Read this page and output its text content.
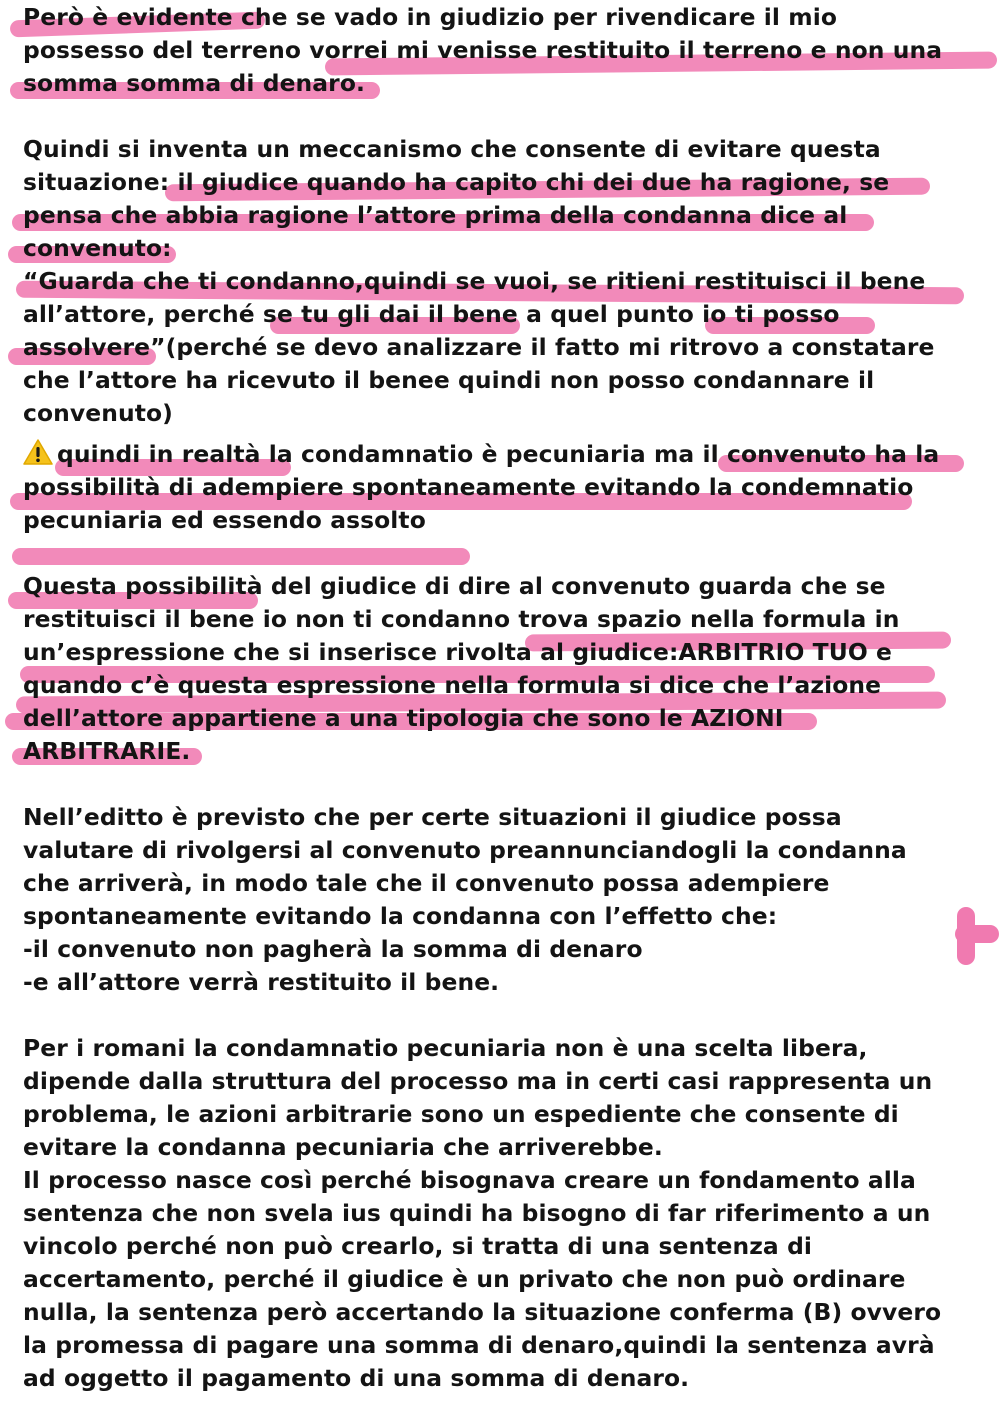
Però è evidente che se vado in giudizio per rivendicare il mio
possesso del terreno vorrei mi venisse restituito il terreno e non una
somma somma di denaro.
Quindi si inventa un meccanismo che consente di evitare questa
situazione: il giudice quando ha capito chi dei due ha ragione, se
pensa che abbia ragione l’attore prima della condanna dice al
convenuto:
“Guarda che ti condanno,quindi se vuoi, se ritieni restituisci il bene
all’attore, perché se tu gli dai il bene a quel punto io ti posso
assolvere”(perché se devo analizzare il fatto mi ritrovo a constatare
che l’attore ha ricevuto il benee quindi non posso condannare il
convenuto)
quindi in realtà la condamnatio è pecuniaria ma il convenuto ha la
possibilità di adempiere spontaneamente evitando la condemnatio
pecuniaria ed essendo assolto
Questa possibilità del giudice di dire al convenuto guarda che se
restituisci il bene io non ti condanno trova spazio nella formula in
un’espressione che si inserisce rivolta al giudice:ARBITRIO TUO e
quando c’è questa espressione nella formula si dice che l’azione
dell’attore appartiene a una tipologia che sono le AZIONI
ARBITRARIE.
Nell’editto è previsto che per certe situazioni il giudice possa
valutare di rivolgersi al convenuto preannunciandogli la condanna
che arriverà, in modo tale che il convenuto possa adempiere
spontaneamente evitando la condanna con l’effetto che:
-il convenuto non pagherà la somma di denaro
-e all’attore verrà restituito il bene.
Per i romani la condamnatio pecuniaria non è una scelta libera,
dipende dalla struttura del processo ma in certi casi rappresenta un
problema, le azioni arbitrarie sono un espediente che consente di
evitare la condanna pecuniaria che arriverebbe.
Il processo nasce così perché bisognava creare un fondamento alla
sentenza che non svela ius quindi ha bisogno di far riferimento a un
vincolo perché non può crearlo, si tratta di una sentenza di
accertamento, perché il giudice è un privato che non può ordinare
nulla, la sentenza però accertando la situazione conferma (B) ovvero
la promessa di pagare una somma di denaro,quindi la sentenza avrà
ad oggetto il pagamento di una somma di denaro.
